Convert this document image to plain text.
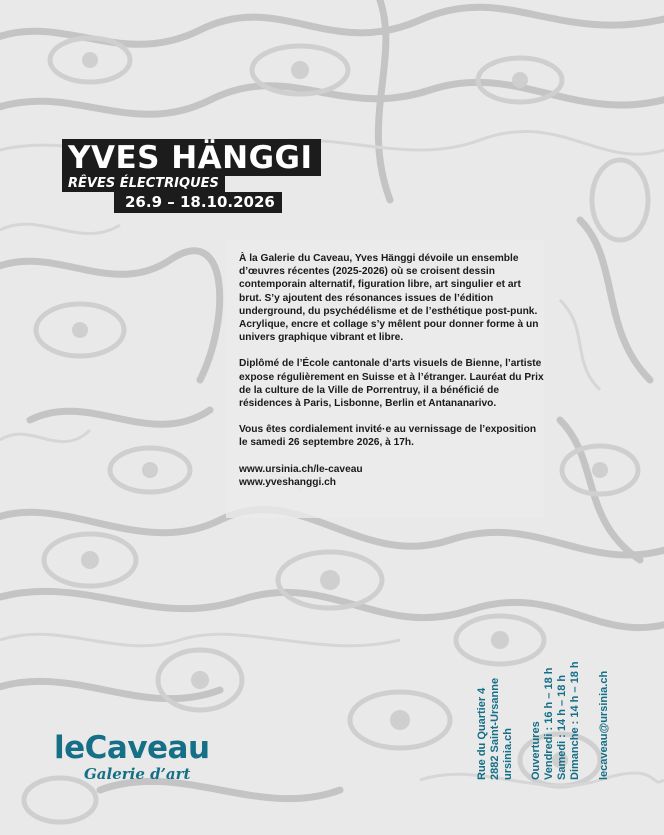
YVES HÄNGGI
RÊVES ÉLECTRIQUES
26.9 – 18.10.2026

À la Galerie du Caveau, Yves Hänggi dévoile un ensemble d’œuvres récentes (2025-2026) où se croisent dessin contemporain alternatif, figuration libre, art singulier et art brut. S’y ajoutent des résonances issues de l’édition underground, du psychédélisme et de l’esthétique post-punk. Acrylique, encre et collage s’y mêlent pour donner forme à un univers graphique vibrant et libre.

Diplômé de l’École cantonale d’arts visuels de Bienne, l’artiste expose régulièrement en Suisse et à l’étranger. Lauréat du Prix de la culture de la Ville de Porrentruy, il a bénéficié de résidences à Paris, Lisbonne, Berlin et Antananarivo.

Vous êtes cordialement invité·e au vernissage de l’exposition le samedi 26 septembre 2026, à 17h.

www.ursinia.ch/le-caveau
www.yveshanggi.ch
leCaveau
Galerie d’art	Rue du Quartier 4 2882 Saint-Ursanne ursinia.ch Ouvertures Vendredi : 16 h – 18 h Samedi : 14 h – 18 h Dimanche : 14 h – 18 h lecaveau@ursinia.ch
